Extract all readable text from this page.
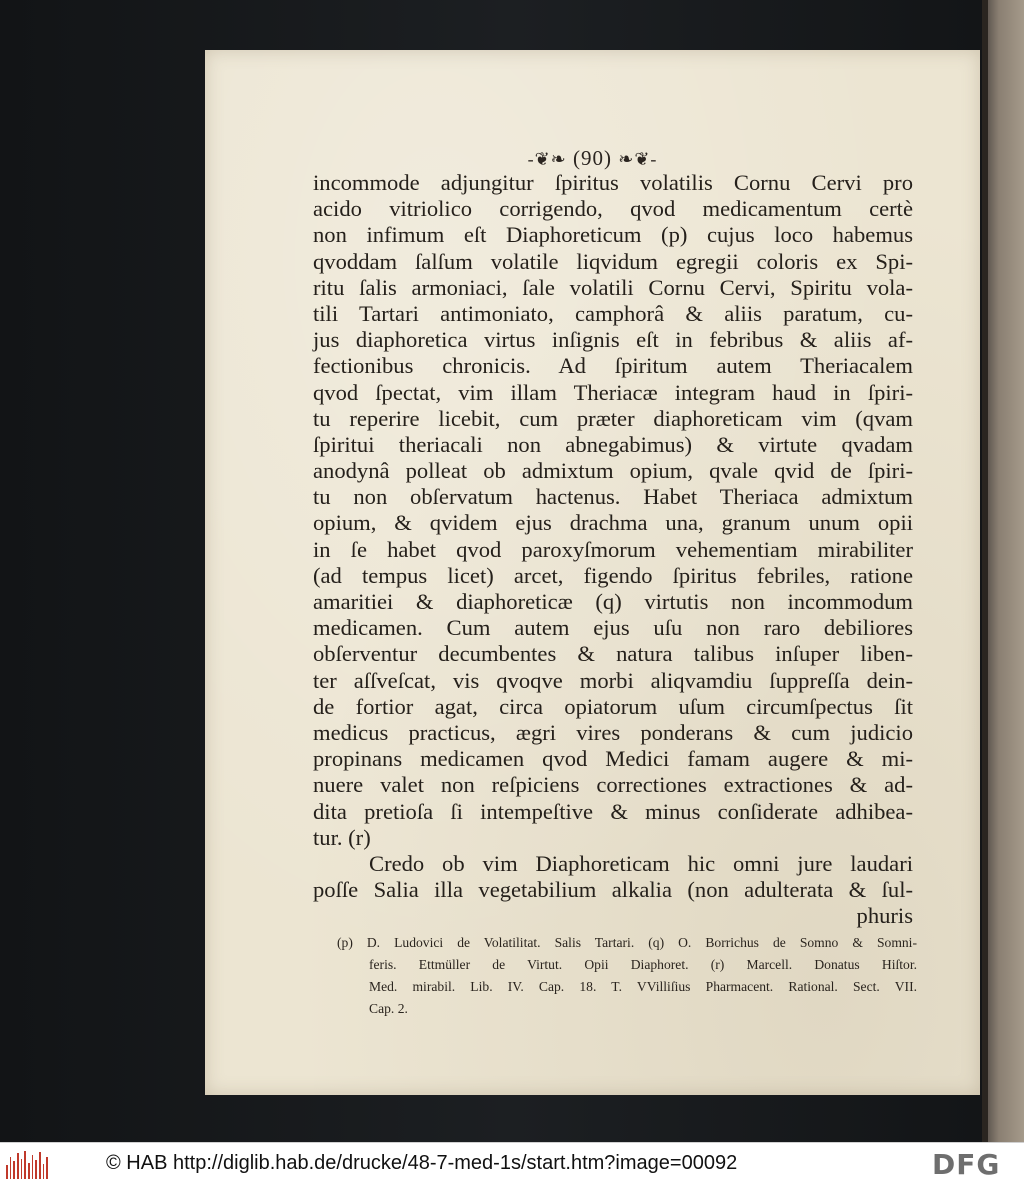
-❦❧ (90) ❧❦-
incommode adjungitur ſpiritus volatilis Cornu Cervi pro
acido vitriolico corrigendo, qvod medicamentum certè
non infimum eſt Diaphoreticum (p) cujus loco habemus
qvoddam ſalſum volatile liqvidum egregii coloris ex Spi-
ritu ſalis armoniaci, ſale volatili Cornu Cervi, Spiritu vola-
tili Tartari antimoniato, camphorâ & aliis paratum, cu-
jus diaphoretica virtus inſignis eſt in febribus & aliis af-
fectionibus chronicis. Ad ſpiritum autem Theriacalem
qvod ſpectat, vim illam Theriacæ integram haud in ſpiri-
tu reperire licebit, cum præter diaphoreticam vim (qvam
ſpiritui theriacali non abnegabimus) & virtute qvadam
anodynâ polleat ob admixtum opium, qvale qvid de ſpiri-
tu non obſervatum hactenus. Habet Theriaca admixtum
opium, & qvidem ejus drachma una, granum unum opii
in ſe habet qvod paroxyſmorum vehementiam mirabiliter
(ad tempus licet) arcet, figendo ſpiritus febriles, ratione
amaritiei & diaphoreticæ (q) virtutis non incommodum
medicamen. Cum autem ejus uſu non raro debiliores
obſerventur decumbentes & natura talibus inſuper liben-
ter aſſveſcat, vis qvoqve morbi aliqvamdiu ſuppreſſa dein-
de fortior agat, circa opiatorum uſum circumſpectus ſit
medicus practicus, ægri vires ponderans & cum judicio
propinans medicamen qvod Medici famam augere & mi-
nuere valet non reſpiciens correctiones extractiones & ad-
dita pretioſa ſi intempeſtive & minus conſiderate adhibea-
tur. (r)
Credo ob vim Diaphoreticam hic omni jure laudari
poſſe Salia illa vegetabilium alkalia (non adulterata & ſul-
phuris
(p) D. Ludovici de Volatilitat. Salis Tartari. (q) O. Borrichus de Somno & Somni-
feris. Ettmüller de Virtut. Opii Diaphoret. (r) Marcell. Donatus Hiſtor.
Med. mirabil. Lib. IV. Cap. 18. T. VVilliſius Pharmacent. Rational. Sect. VII.
Cap. 2.
© HAB http://diglib.hab.de/drucke/48-7-med-1s/start.htm?image=00092	DFG
